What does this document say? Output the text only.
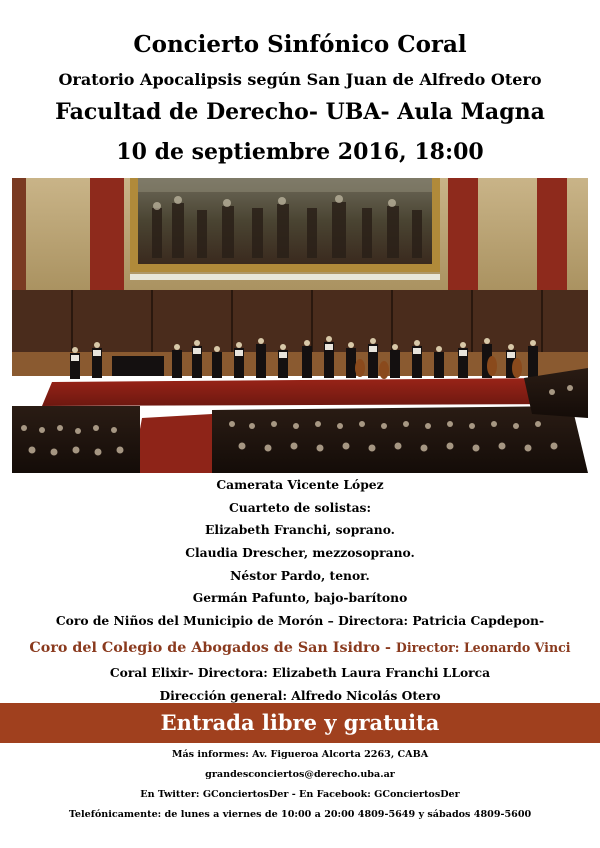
Concierto Sinfónico Coral
Oratorio Apocalipsis según San Juan de Alfredo Otero
Facultad de Derecho- UBA- Aula Magna
10 de septiembre 2016, 18:00
Camerata Vicente López
Cuarteto de solistas:
Elizabeth Franchi, soprano.
Claudia Drescher, mezzosoprano.
Néstor Pardo, tenor.
Germán Pafunto, bajo-barítono
Coro de Niños del Municipio de Morón – Directora: Patricia Capdepon-
Coro del Colegio de Abogados de San Isidro - Director: Leonardo Vinci
Coral Elixir- Directora: Elizabeth Laura Franchi LLorca
Dirección general: Alfredo Nicolás Otero
Entrada libre y gratuita
Más informes: Av. Figueroa Alcorta 2263, CABA
grandesconciertos@derecho.uba.ar
En Twitter: GConciertosDer - En Facebook: GConciertosDer
Telefónicamente: de lunes a viernes de 10:00 a 20:00 4809-5649 y sábados 4809-5600
